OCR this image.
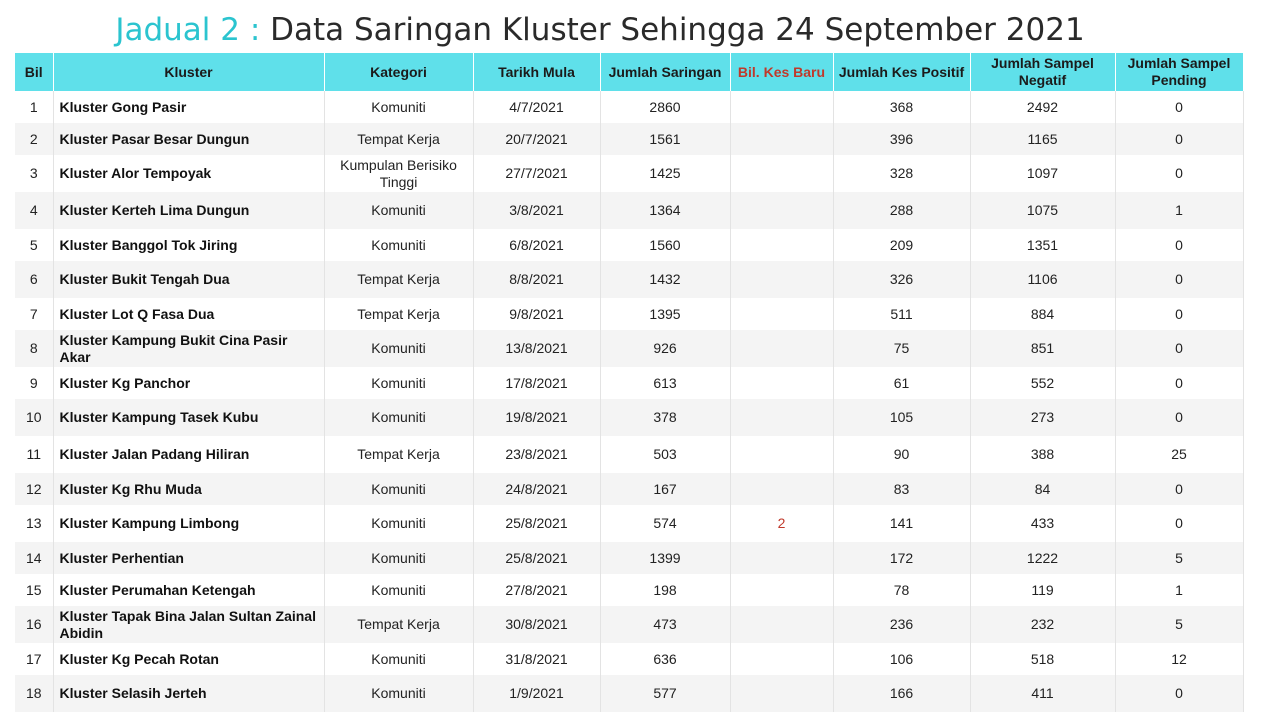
Jadual 2 : Data Saringan Kluster Sehingga 24 September 2021
Bil	Kluster	Kategori	Tarikh Mula	Jumlah Saringan	Bil. Kes Baru	Jumlah Kes Positif	Jumlah Sampel Negatif	Jumlah Sampel Pending
1	Kluster Gong Pasir	Komuniti	4/7/2021	2860		368	2492	0
2	Kluster Pasar Besar Dungun	Tempat Kerja	20/7/2021	1561		396	1165	0
3	Kluster Alor Tempoyak	Kumpulan Berisiko Tinggi	27/7/2021	1425		328	1097	0
4	Kluster Kerteh Lima Dungun	Komuniti	3/8/2021	1364		288	1075	1
5	Kluster Banggol Tok Jiring	Komuniti	6/8/2021	1560		209	1351	0
6	Kluster Bukit Tengah Dua	Tempat Kerja	8/8/2021	1432		326	1106	0
7	Kluster Lot Q Fasa Dua	Tempat Kerja	9/8/2021	1395		511	884	0
8	Kluster Kampung Bukit Cina Pasir Akar	Komuniti	13/8/2021	926		75	851	0
9	Kluster Kg Panchor	Komuniti	17/8/2021	613		61	552	0
10	Kluster Kampung Tasek Kubu	Komuniti	19/8/2021	378		105	273	0
11	Kluster Jalan Padang Hiliran	Tempat Kerja	23/8/2021	503		90	388	25
12	Kluster Kg Rhu Muda	Komuniti	24/8/2021	167		83	84	0
13	Kluster Kampung Limbong	Komuniti	25/8/2021	574	2	141	433	0
14	Kluster Perhentian	Komuniti	25/8/2021	1399		172	1222	5
15	Kluster Perumahan Ketengah	Komuniti	27/8/2021	198		78	119	1
16	Kluster Tapak Bina Jalan Sultan Zainal Abidin	Tempat Kerja	30/8/2021	473		236	232	5
17	Kluster Kg Pecah Rotan	Komuniti	31/8/2021	636		106	518	12
18	Kluster Selasih Jerteh	Komuniti	1/9/2021	577		166	411	0
